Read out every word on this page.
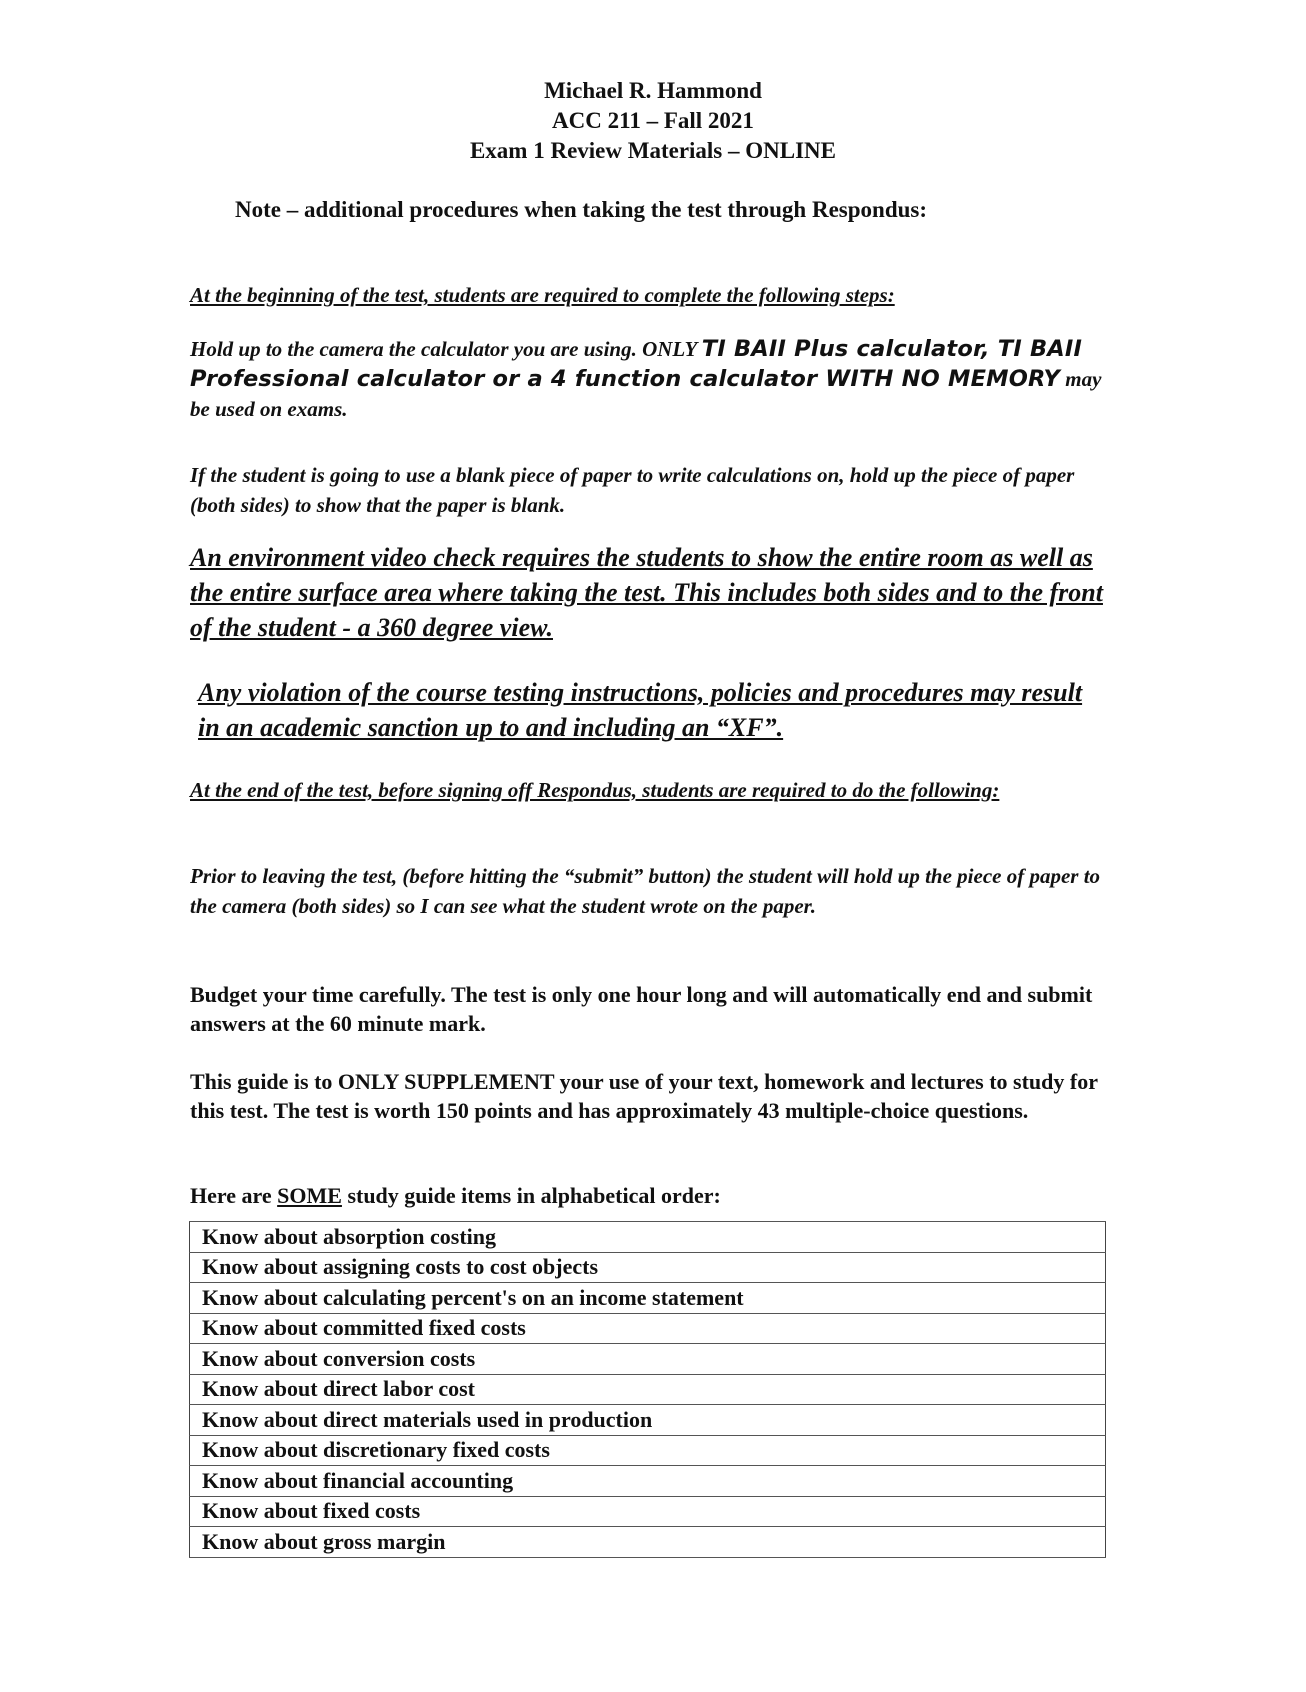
Michael R. Hammond
ACC 211 – Fall 2021
Exam 1 Review Materials – ONLINE
Note – additional procedures when taking the test through Respondus:
At the beginning of the test, students are required to complete the following steps:
Hold up to the camera the calculator you are using. ONLY TI BAII Plus calculator, TI BAII Professional calculator or a 4 function calculator WITH NO MEMORY may be used on exams.
If the student is going to use a blank piece of paper to write calculations on, hold up the piece of paper (both sides) to show that the paper is blank.
An environment video check requires the students to show the entire room as well as the entire surface area where taking the test. This includes both sides and to the front of the student - a 360 degree view.
Any violation of the course testing instructions, policies and procedures may result in an academic sanction up to and including an “XF”.
At the end of the test, before signing off Respondus, students are required to do the following:
Prior to leaving the test, (before hitting the “submit” button) the student will hold up the piece of paper to the camera (both sides) so I can see what the student wrote on the paper.
Budget your time carefully. The test is only one hour long and will automatically end and submit answers at the 60 minute mark.
This guide is to ONLY SUPPLEMENT your use of your text, homework and lectures to study for this test. The test is worth 150 points and has approximately 43 multiple-choice questions.
Here are SOME study guide items in alphabetical order:
Know about absorption costing
Know about assigning costs to cost objects
Know about calculating percent's on an income statement
Know about committed fixed costs
Know about conversion costs
Know about direct labor cost
Know about direct materials used in production
Know about discretionary fixed costs
Know about financial accounting
Know about fixed costs
Know about gross margin
